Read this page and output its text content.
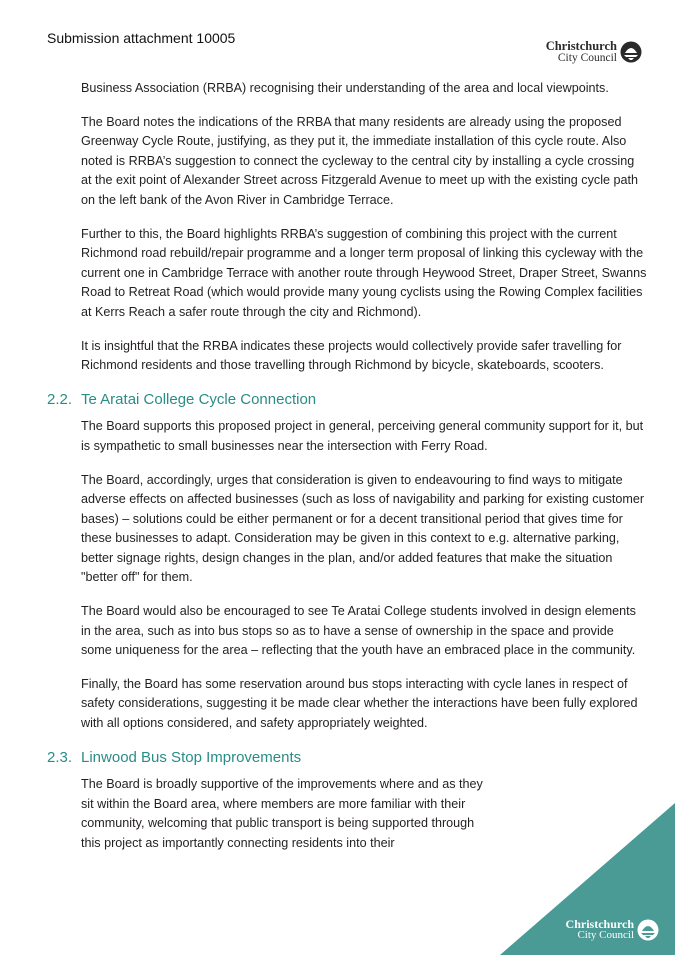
Submission attachment 10005	Christchurch
City Council

Business Association (RRBA) recognising their understanding of the area and local viewpoints.

The Board notes the indications of the RRBA that many residents are already using the proposed Greenway Cycle Route, justifying, as they put it, the immediate installation of this cycle route. Also noted is RRBA’s suggestion to connect the cycleway to the central city by installing a cycle crossing at the exit point of Alexander Street across Fitzgerald Avenue to meet up with the existing cycle path on the left bank of the Avon River in Cambridge Terrace.

Further to this, the Board highlights RRBA’s suggestion of combining this project with the current Richmond road rebuild/repair programme and a longer term proposal of linking this cycleway with the current one in Cambridge Terrace with another route through Heywood Street, Draper Street, Swanns Road to Retreat Road (which would provide many young cyclists using the Rowing Complex facilities at Kerrs Reach a safer route through the city and Richmond).

It is insightful that the RRBA indicates these projects would collectively provide safer travelling for Richmond residents and those travelling through Richmond by bicycle, skateboards, scooters.

2.2. Te Aratai College Cycle Connection

The Board supports this proposed project in general, perceiving general community support for it, but is sympathetic to small businesses near the intersection with Ferry Road.

The Board, accordingly, urges that consideration is given to endeavouring to find ways to mitigate adverse effects on affected businesses (such as loss of navigability and parking for existing customer bases) – solutions could be either permanent or for a decent transitional period that gives time for these businesses to adapt. Consideration may be given in this context to e.g. alternative parking, better signage rights, design changes in the plan, and/or added features that make the situation "better off" for them.

The Board would also be encouraged to see Te Aratai College students involved in design elements in the area, such as into bus stops so as to have a sense of ownership in the space and provide some uniqueness for the area – reflecting that the youth have an embraced place in the community.

Finally, the Board has some reservation around bus stops interacting with cycle lanes in respect of safety considerations, suggesting it be made clear whether the interactions have been fully explored with all options considered, and safety appropriately weighted.

2.3. Linwood Bus Stop Improvements

The Board is broadly supportive of the improvements where and as they sit within the Board area, where members are more familiar with their community, welcoming that public transport is being supported through this project as importantly connecting residents into their

Christchurch
City Council
